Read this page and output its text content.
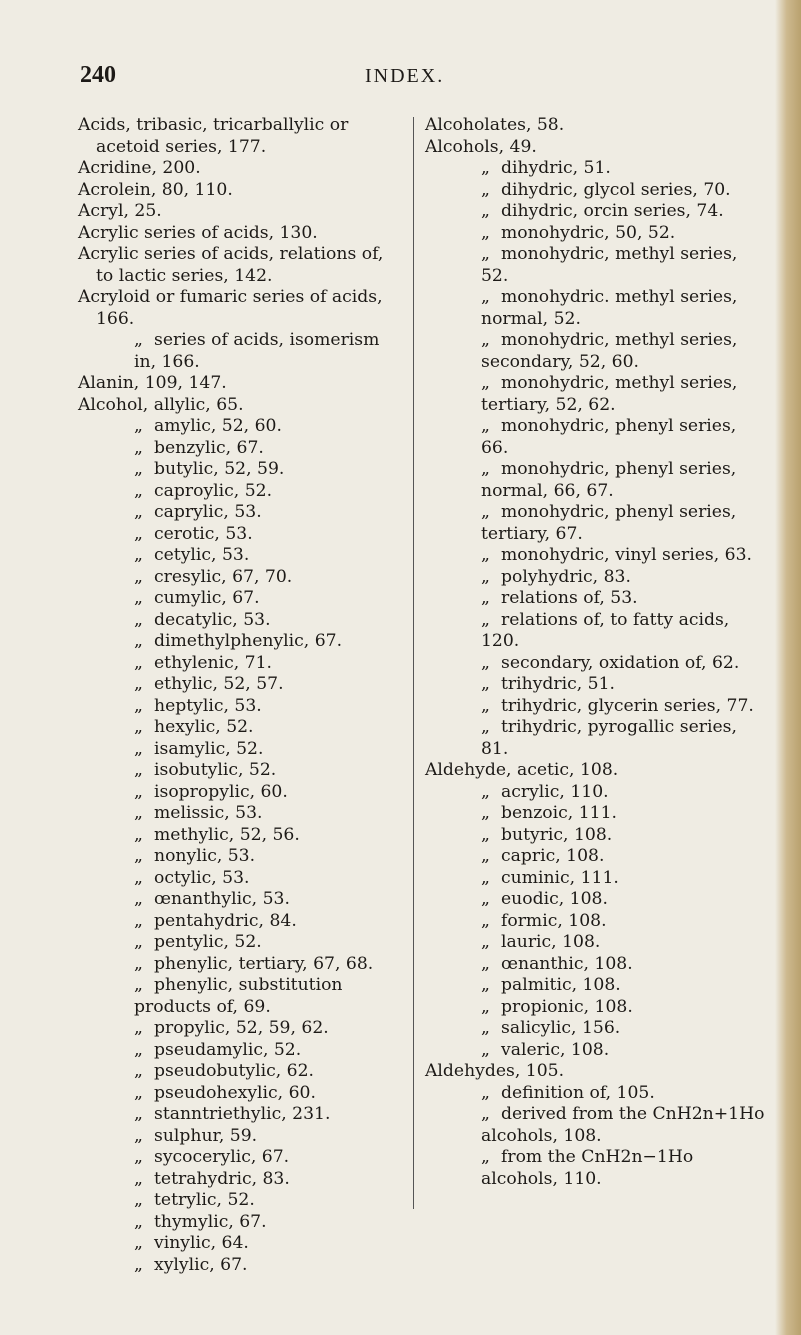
240	INDEX.

Acids, tribasic, tricarballylic or acetoid series, 177.

Acridine, 200.

Acrolein, 80, 110.

Acryl, 25.

Acrylic series of acids, 130.

Acrylic series of acids, relations of, to lactic series, 142.

Acryloid or fumaric series of acids, 166.

„ series of acids, isomerism in, 166.

Alanin, 109, 147.

Alcohol, allylic, 65.

„ amylic, 52, 60.

„ benzylic, 67.

„ butylic, 52, 59.

„ caproylic, 52.

„ caprylic, 53.

„ cerotic, 53.

„ cetylic, 53.

„ cresylic, 67, 70.

„ cumylic, 67.

„ decatylic, 53.

„ dimethylphenylic, 67.

„ ethylenic, 71.

„ ethylic, 52, 57.

„ heptylic, 53.

„ hexylic, 52.

„ isamylic, 52.

„ isobutylic, 52.

„ isopropylic, 60.

„ melissic, 53.

„ methylic, 52, 56.

„ nonylic, 53.

„ octylic, 53.

„ œnanthylic, 53.

„ pentahydric, 84.

„ pentylic, 52.

„ phenylic, tertiary, 67, 68.

„ phenylic, substitution products of, 69.

„ propylic, 52, 59, 62.

„ pseudamylic, 52.

„ pseudobutylic, 62.

„ pseudohexylic, 60.

„ stanntriethylic, 231.

„ sulphur, 59.

„ sycocerylic, 67.

„ tetrahydric, 83.

„ tetrylic, 52.

„ thymylic, 67.

„ vinylic, 64.

„ xylylic, 67.

Alcoholates, 58.

Alcohols, 49.

„ dihydric, 51.

„ dihydric, glycol series, 70.

„ dihydric, orcin series, 74.

„ monohydric, 50, 52.

„ monohydric, methyl series, 52.

„ monohydric. methyl series, normal, 52.

„ monohydric, methyl series, secondary, 52, 60.

„ monohydric, methyl series, tertiary, 52, 62.

„ monohydric, phenyl series, 66.

„ monohydric, phenyl series, normal, 66, 67.

„ monohydric, phenyl series, tertiary, 67.

„ monohydric, vinyl series, 63.

„ polyhydric, 83.

„ relations of, 53.

„ relations of, to fatty acids, 120.

„ secondary, oxidation of, 62.

„ trihydric, 51.

„ trihydric, glycerin series, 77.

„ trihydric, pyrogallic series, 81.

Aldehyde, acetic, 108.

„ acrylic, 110.

„ benzoic, 111.

„ butyric, 108.

„ capric, 108.

„ cuminic, 111.

„ euodic, 108.

„ formic, 108.

„ lauric, 108.

„ œnanthic, 108.

„ palmitic, 108.

„ propionic, 108.

„ salicylic, 156.

„ valeric, 108.

Aldehydes, 105.

„ definition of, 105.

„ derived from the CnH2n+1Ho alcohols, 108.

„ from the CnH2n−1Ho alcohols, 110.
